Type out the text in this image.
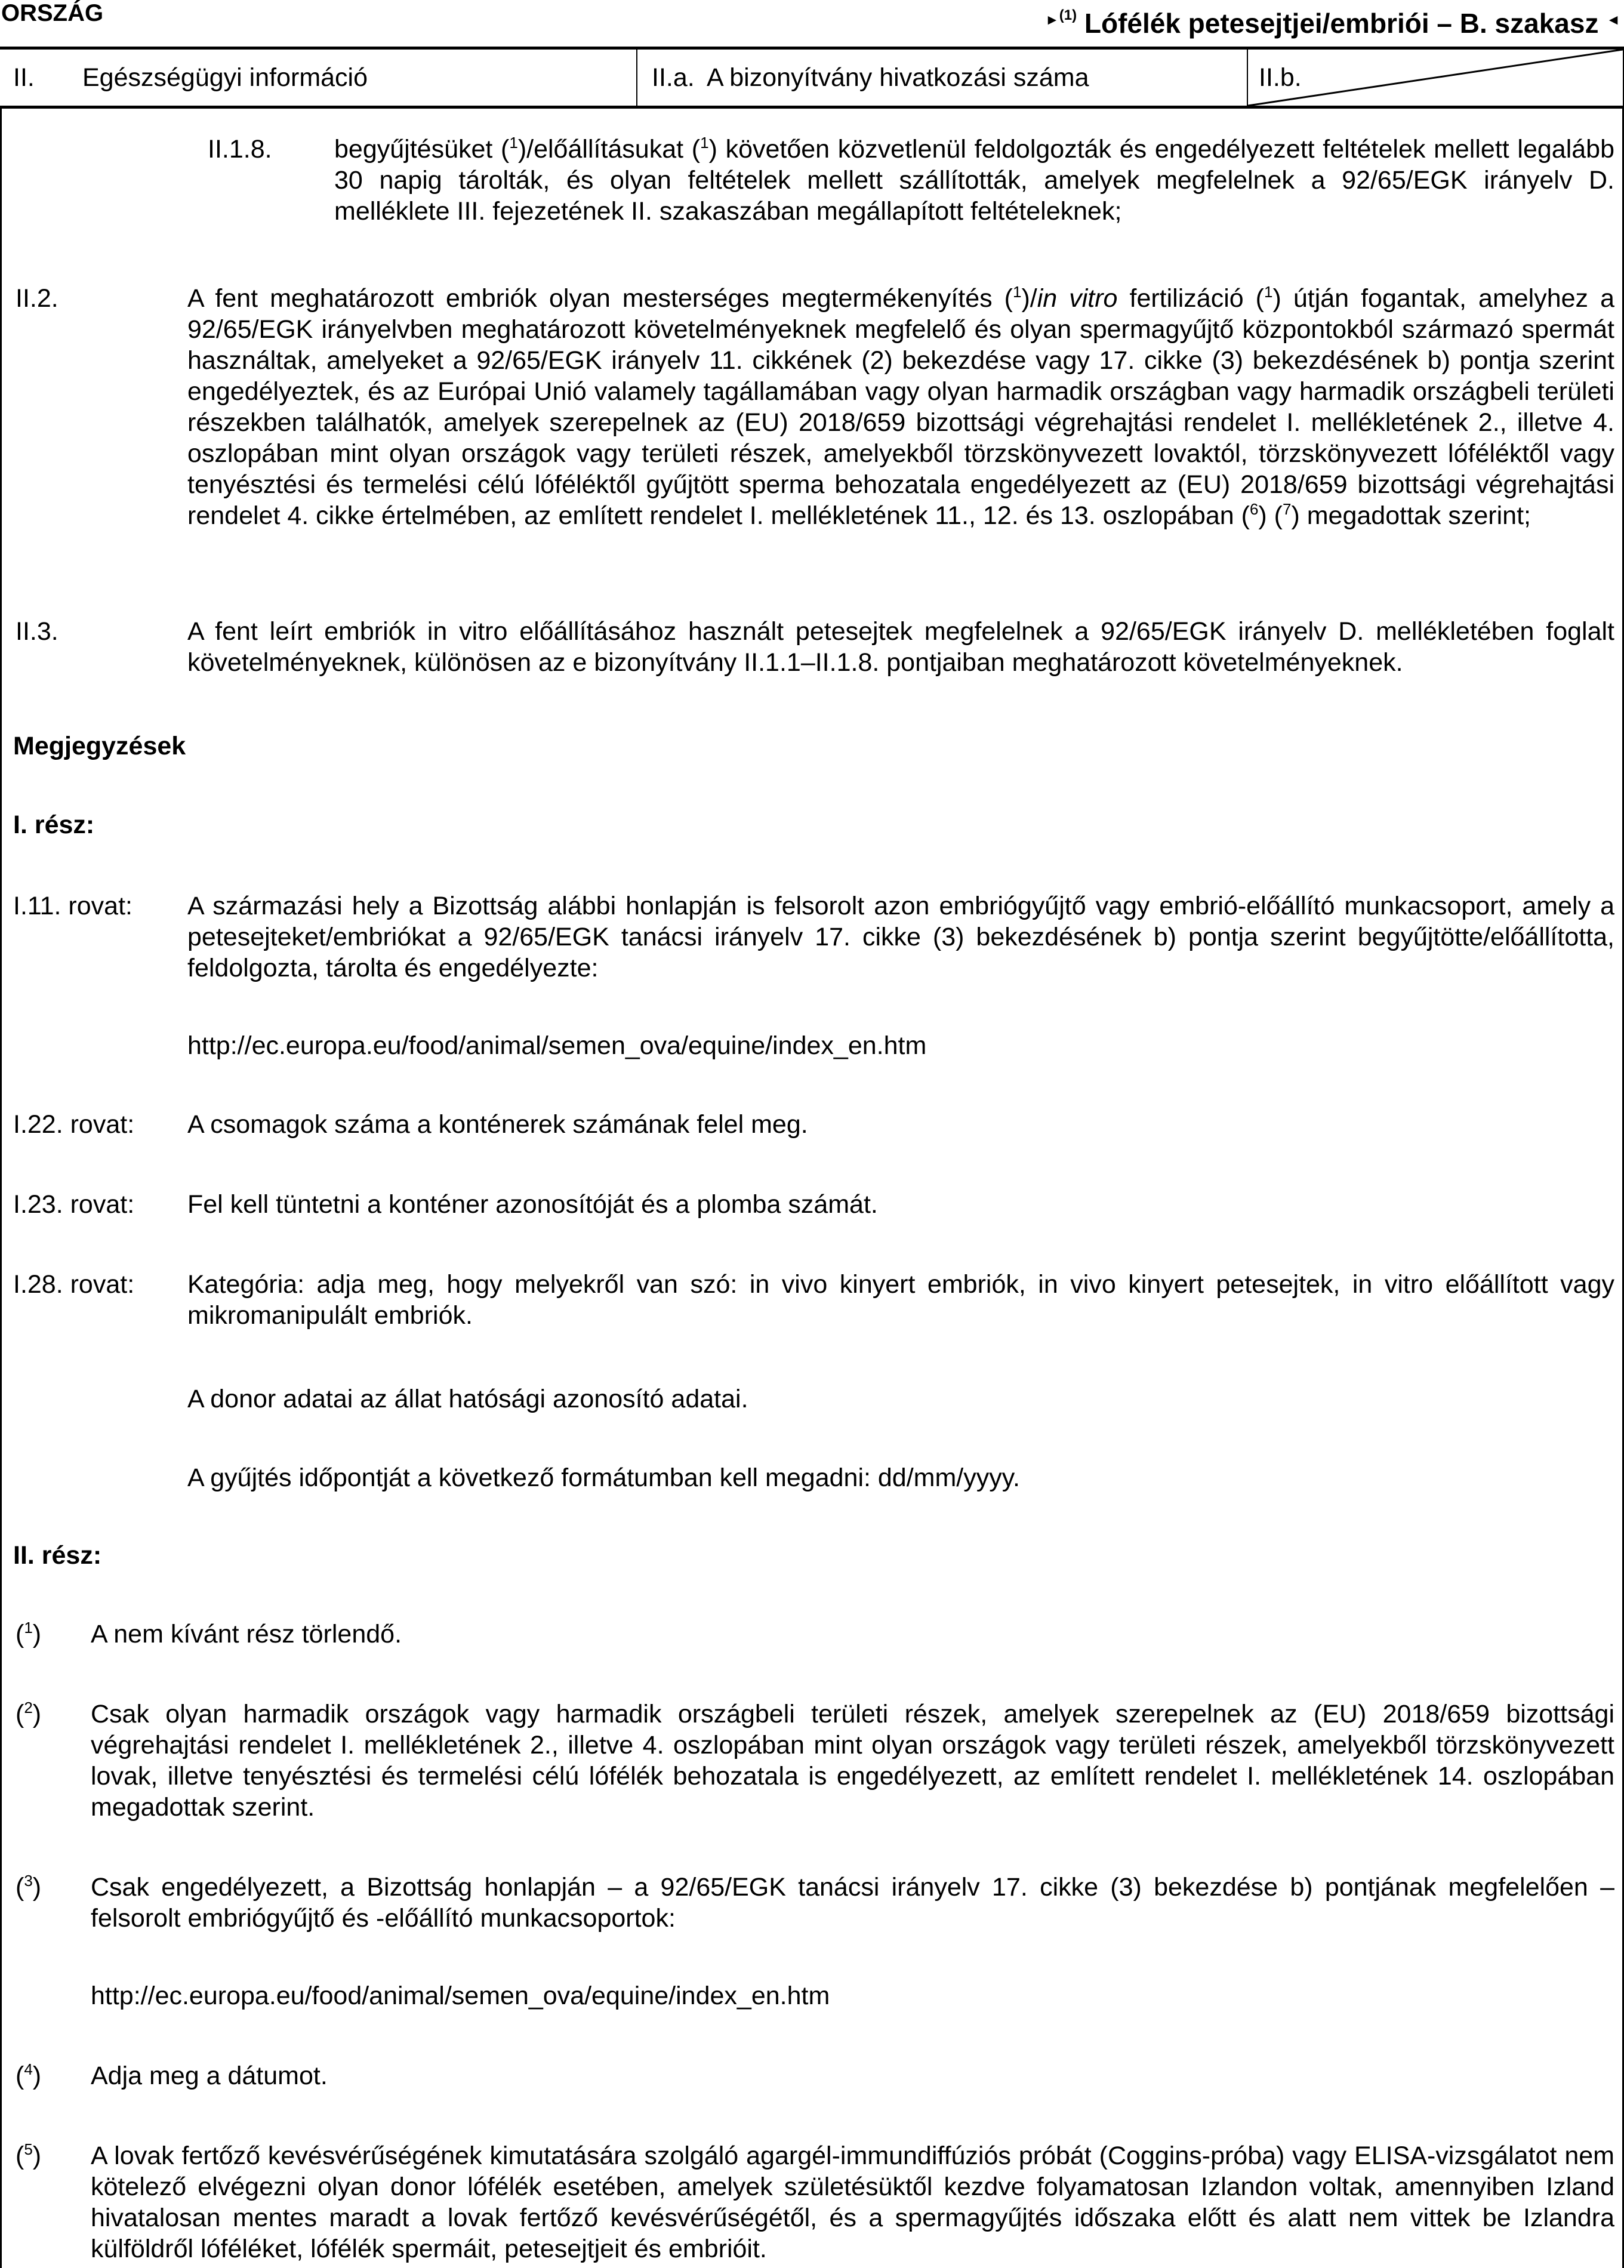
ORSZÁG	$^{►(1)}$ Lófélék petesejtjei/embriói – B. szakasz ◄
II.	Egészségügyi információ	II.a. A bizonyítvány hivatkozási száma	II.b.
II.1.8. begyűjtésüket ($^1$)/előállításukat ($^1$) követően közvetlenül feldolgozták és engedélyezett feltételek mellett legalább 30 napig tárolták, és olyan feltételek mellett szállították, amelyek megfelelnek a 92/65/EGK irányelv D. melléklete III. fejezetének II. szakaszában megállapított feltételeknek;
II.2.	A fent meghatározott embriók olyan mesterséges megtermékenyítés ($^1$)/in vitro fertilizáció ($^1$) útján fogantak, amelyhez a 92/65/EGK irányelvben meghatározott követelményeknek megfelelő és olyan spermagyűjtő központokból származó spermát használtak, amelyeket a 92/65/EGK irányelv 11. cikkének (2) bekezdése vagy 17. cikke (3) bekezdésének b) pontja szerint engedélyeztek, és az Európai Unió valamely tagállamában vagy olyan harmadik országban vagy harmadik országbeli területi részekben találhatók, amelyek szerepelnek az (EU) 2018/659 bizottsági végrehajtási rendelet I. mellékletének 2., illetve 4. oszlopában mint olyan országok vagy területi részek, amelyekből törzskönyvezett lovaktól, törzskönyvezett lóféléktől vagy tenyésztési és termelési célú lóféléktől gyűjtött sperma behozatala engedélyezett az (EU) 2018/659 bizottsági végrehajtási rendelet 4. cikke értelmében, az említett rendelet I. mellékletének 11., 12. és 13. oszlopában ($^6$) ($^7$) megadottak szerint;
II.3.	A fent leírt embriók in vitro előállításához használt petesejtek megfelelnek a 92/65/EGK irányelv D. mellékletében foglalt követelményeknek, különösen az e bizonyítvány II.1.1–II.1.8. pontjaiban meghatározott követelményeknek.
Megjegyzések
I. rész:
I.11. rovat: A származási hely a Bizottság alábbi honlapján is felsorolt azon embriógyűjtő vagy embrió-előállító munkacsoport, amely a petesejteket/embriókat a 92/65/EGK tanácsi irányelv 17. cikke (3) bekezdésének b) pontja szerint begyűjtötte/előállította, feldolgozta, tárolta és engedélyezte:
http://ec.europa.eu/food/animal/semen_ova/equine/index_en.htm
I.22. rovat: A csomagok száma a konténerek számának felel meg.
I.23. rovat: Fel kell tüntetni a konténer azonosítóját és a plomba számát.
I.28. rovat: Kategória: adja meg, hogy melyekről van szó: in vivo kinyert embriók, in vivo kinyert petesejtek, in vitro előállított vagy mikromanipulált embriók.
A donor adatai az állat hatósági azonosító adatai.
A gyűjtés időpontját a következő formátumban kell megadni: dd/mm/yyyy.
II. rész:
($^1$) A nem kívánt rész törlendő.
($^2$) Csak olyan harmadik országok vagy harmadik országbeli területi részek, amelyek szerepelnek az (EU) 2018/659 bizottsági végrehajtási rendelet I. mellékletének 2., illetve 4. oszlopában mint olyan országok vagy területi részek, amelyekből törzskönyvezett lovak, illetve tenyésztési és termelési célú lófélék behozatala is engedélyezett, az említett rendelet I. mellékletének 14. oszlopában megadottak szerint.
($^3$) Csak engedélyezett, a Bizottság honlapján – a 92/65/EGK tanácsi irányelv 17. cikke (3) bekezdése b) pontjának megfelelően – felsorolt embriógyűjtő és -előállító munkacsoportok:
http://ec.europa.eu/food/animal/semen_ova/equine/index_en.htm
($^4$) Adja meg a dátumot.
($^5$) A lovak fertőző kevésvérűségének kimutatására szolgáló agargél-immundiffúziós próbát (Coggins-próba) vagy ELISA-vizsgálatot nem kötelező elvégezni olyan donor lófélék esetében, amelyek születésüktől kezdve folyamatosan Izlandon voltak, amennyiben Izland hivatalosan mentes maradt a lovak fertőző kevésvérűségétől, és a spermagyűjtés időszaka előtt és alatt nem vittek be Izlandra külföldről lóféléket, lófélék spermáit, petesejtjeit és embrióit.
